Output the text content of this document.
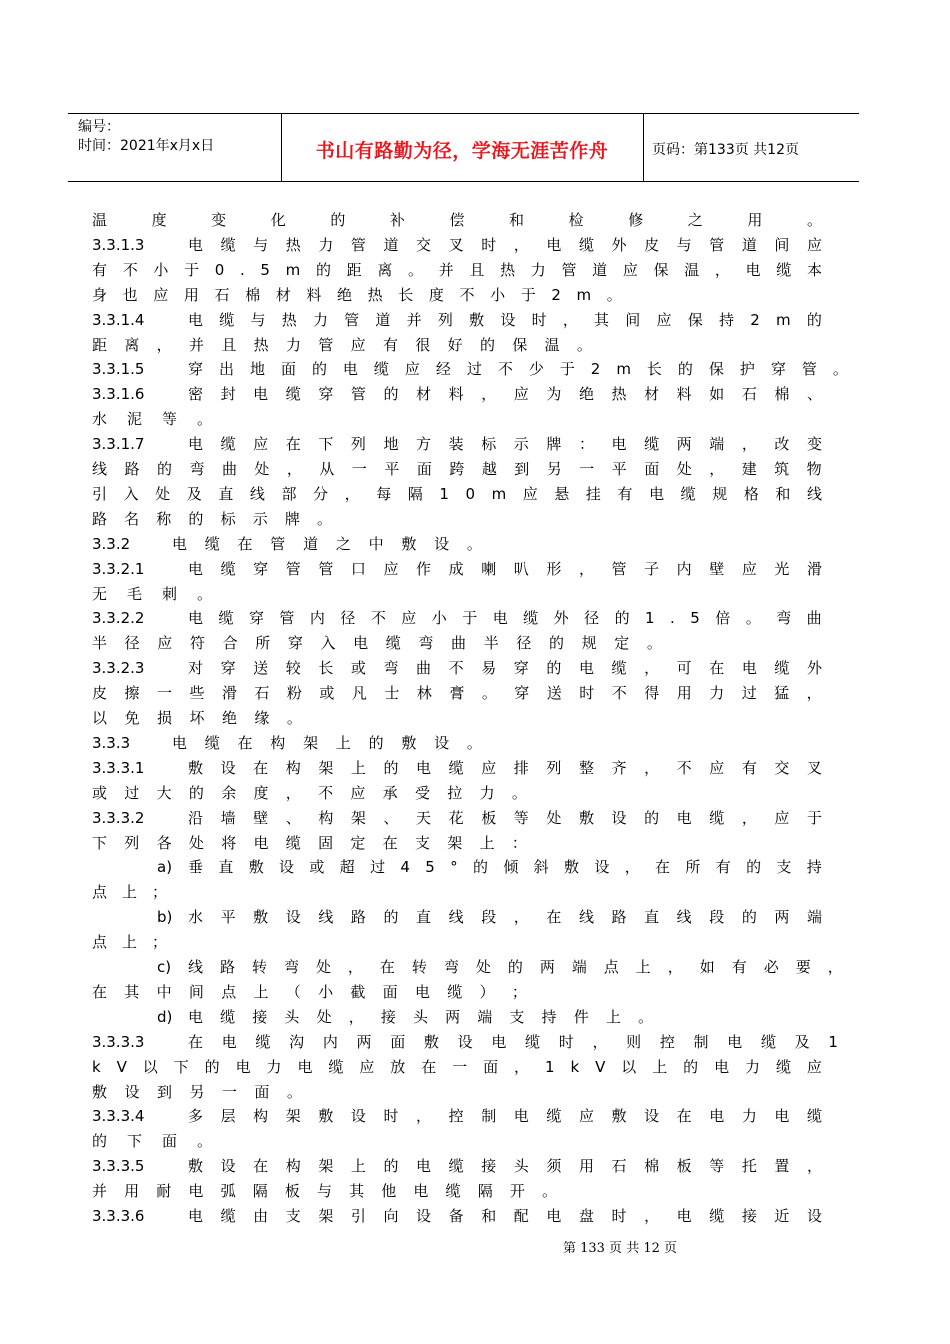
编号：
时间：2021年x月x日	书山有路勤为径，学海无涯苦作舟	页码：第133页 共12页
温	度	变	化	的	补	偿	和	检	修	之	用	。
3.3.1.3	电 缆 与 热 力 管 道 交 叉 时 ， 电 缆 外 皮 与 管 道 间 应
有 不 小 于 0 . 5 m 的 距 离 。 并 且 热 力 管 道 应 保 温 ， 电 缆 本
身 也 应 用 石 棉 材 料 绝 热 长 度 不 小 于 2 m 。
3.3.1.4	电 缆 与 热 力 管 道 并 列 敷 设 时 ， 其 间 应 保 持 2 m 的
距 离 ， 并 且 热 力 管 应 有 很 好 的 保 温 。
3.3.1.5	穿 出 地 面 的 电 缆 应 经 过 不 少 于 2 m 长 的 保 护 穿 管 。
3.3.1.6	密 封 电 缆 穿 管 的 材 料 ， 应 为 绝 热 材 料 如 石 棉 、
水 泥 等 。
3.3.1.7	电 缆 应 在 下 列 地 方 装 标 示 牌 ： 电 缆 两 端 ， 改 变
线 路 的 弯 曲 处 ， 从 一 平 面 跨 越 到 另 一 平 面 处 ， 建 筑 物
引 入 处 及 直 线 部 分 ， 每 隔 1 0 m 应 悬 挂 有 电 缆 规 格 和 线
路 名 称 的 标 示 牌 。
3.3.2	电 缆 在 管 道 之 中 敷 设 。
3.3.2.1	电 缆 穿 管 管 口 应 作 成 喇 叭 形 ， 管 子 内 壁 应 光 滑
无 毛 刺 。
3.3.2.2	电 缆 穿 管 内 径 不 应 小 于 电 缆 外 径 的 1 . 5 倍 。 弯 曲
半 径 应 符 合 所 穿 入 电 缆 弯 曲 半 径 的 规 定 。
3.3.2.3	对 穿 送 较 长 或 弯 曲 不 易 穿 的 电 缆 ， 可 在 电 缆 外
皮 擦 一 些 滑 石 粉 或 凡 士 林 膏 。 穿 送 时 不 得 用 力 过 猛 ，
以 免 损 坏 绝 缘 。
3.3.3	电 缆 在 构 架 上 的 敷 设 。
3.3.3.1	敷 设 在 构 架 上 的 电 缆 应 排 列 整 齐 ， 不 应 有 交 叉
或 过 大 的 余 度 ， 不 应 承 受 拉 力 。
3.3.3.2	沿 墙 壁 、 构 架 、 天 花 板 等 处 敷 设 的 电 缆 ， 应 于
下 列 各 处 将 电 缆 固 定 在 支 架 上 ：
a) 垂 直 敷 设 或 超 过 4 5 ° 的 倾 斜 敷 设 ， 在 所 有 的 支 持
点 上 ；
b) 水 平 敷 设 线 路 的 直 线 段 ， 在 线 路 直 线 段 的 两 端
点 上 ；
c) 线 路 转 弯 处 ， 在 转 弯 处 的 两 端 点 上 ， 如 有 必 要 ，
在 其 中 间 点 上 （ 小 截 面 电 缆 ） ；
d) 电 缆 接 头 处 ， 接 头 两 端 支 持 件 上 。
3.3.3.3	在 电 缆 沟 内 两 面 敷 设 电 缆 时 ， 则 控 制 电 缆 及 1
k V 以 下 的 电 力 电 缆 应 放 在 一 面 ， 1 k V 以 上 的 电 力 缆 应
敷 设 到 另 一 面 。
3.3.3.4	多 层 构 架 敷 设 时 ， 控 制 电 缆 应 敷 设 在 电 力 电 缆
的 下 面 。
3.3.3.5	敷 设 在 构 架 上 的 电 缆 接 头 须 用 石 棉 板 等 托 置 ，
并 用 耐 电 弧 隔 板 与 其 他 电 缆 隔 开 。
3.3.3.6	电 缆 由 支 架 引 向 设 备 和 配 电 盘 时 ， 电 缆 接 近 设
第 133 页 共 12 页
